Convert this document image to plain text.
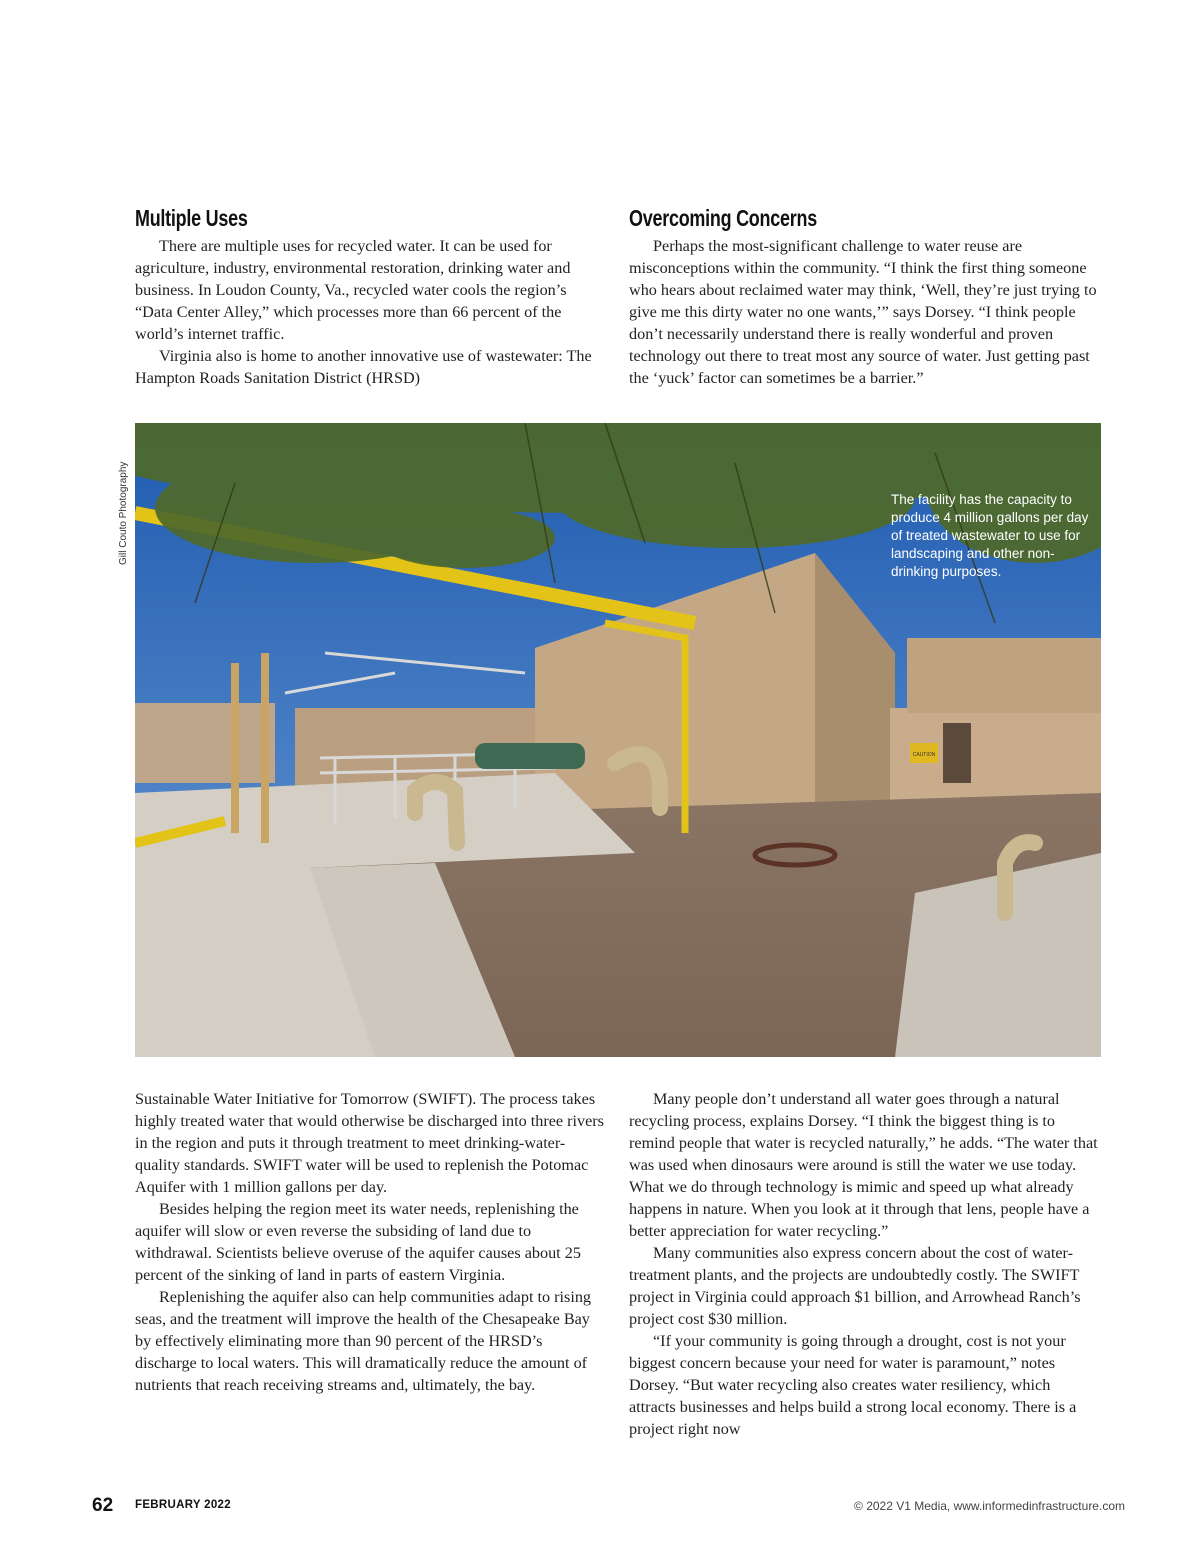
Multiple Uses

There are multiple uses for recycled water. It can be used for agriculture, industry, environmental restoration, drinking water and business. In Loudon County, Va., recycled water cools the region’s “Data Center Alley,” which processes more than 66 percent of the world’s internet traffic.

Virginia also is home to another innovative use of wastewater: The Hampton Roads Sanitation District (HRSD)

Overcoming Concerns

Perhaps the most-significant challenge to water reuse are misconceptions within the community. “I think the first thing someone who hears about reclaimed water may think, ‘Well, they’re just trying to give me this dirty water no one wants,’” says Dorsey. “I think people don’t necessarily understand there is really wonderful and proven technology out there to treat most any source of water. Just getting past the ‘yuck’ factor can sometimes be a barrier.”

Gill Couto Photography
CAUTION
The facility has the capacity to produce 4 million gallons per day of treated wastewater to use for landscaping and other non-drinking purposes.

Sustainable Water Initiative for Tomorrow (SWIFT). The process takes highly treated water that would otherwise be discharged into three rivers in the region and puts it through treatment to meet drinking-water-quality standards. SWIFT water will be used to replenish the Potomac Aquifer with 1 million gallons per day.

Besides helping the region meet its water needs, replenishing the aquifer will slow or even reverse the subsiding of land due to withdrawal. Scientists believe overuse of the aquifer causes about 25 percent of the sinking of land in parts of eastern Virginia.

Replenishing the aquifer also can help communities adapt to rising seas, and the treatment will improve the health of the Chesapeake Bay by effectively eliminating more than 90 percent of the HRSD’s discharge to local waters. This will dramatically reduce the amount of nutrients that reach receiving streams and, ultimately, the bay.

Many people don’t understand all water goes through a natural recycling process, explains Dorsey. “I think the biggest thing is to remind people that water is recycled naturally,” he adds. “The water that was used when dinosaurs were around is still the water we use today. What we do through technology is mimic and speed up what already happens in nature. When you look at it through that lens, people have a better appreciation for water recycling.”

Many communities also express concern about the cost of water-treatment plants, and the projects are undoubtedly costly. The SWIFT project in Virginia could approach $1 billion, and Arrowhead Ranch’s project cost $30 million.

“If your community is going through a drought, cost is not your biggest concern because your need for water is paramount,” notes Dorsey. “But water recycling also creates water resiliency, which attracts businesses and helps build a strong local economy. There is a project right now

62 FEBRUARY 2022	© 2022 V1 Media, www.informedinfrastructure.com
